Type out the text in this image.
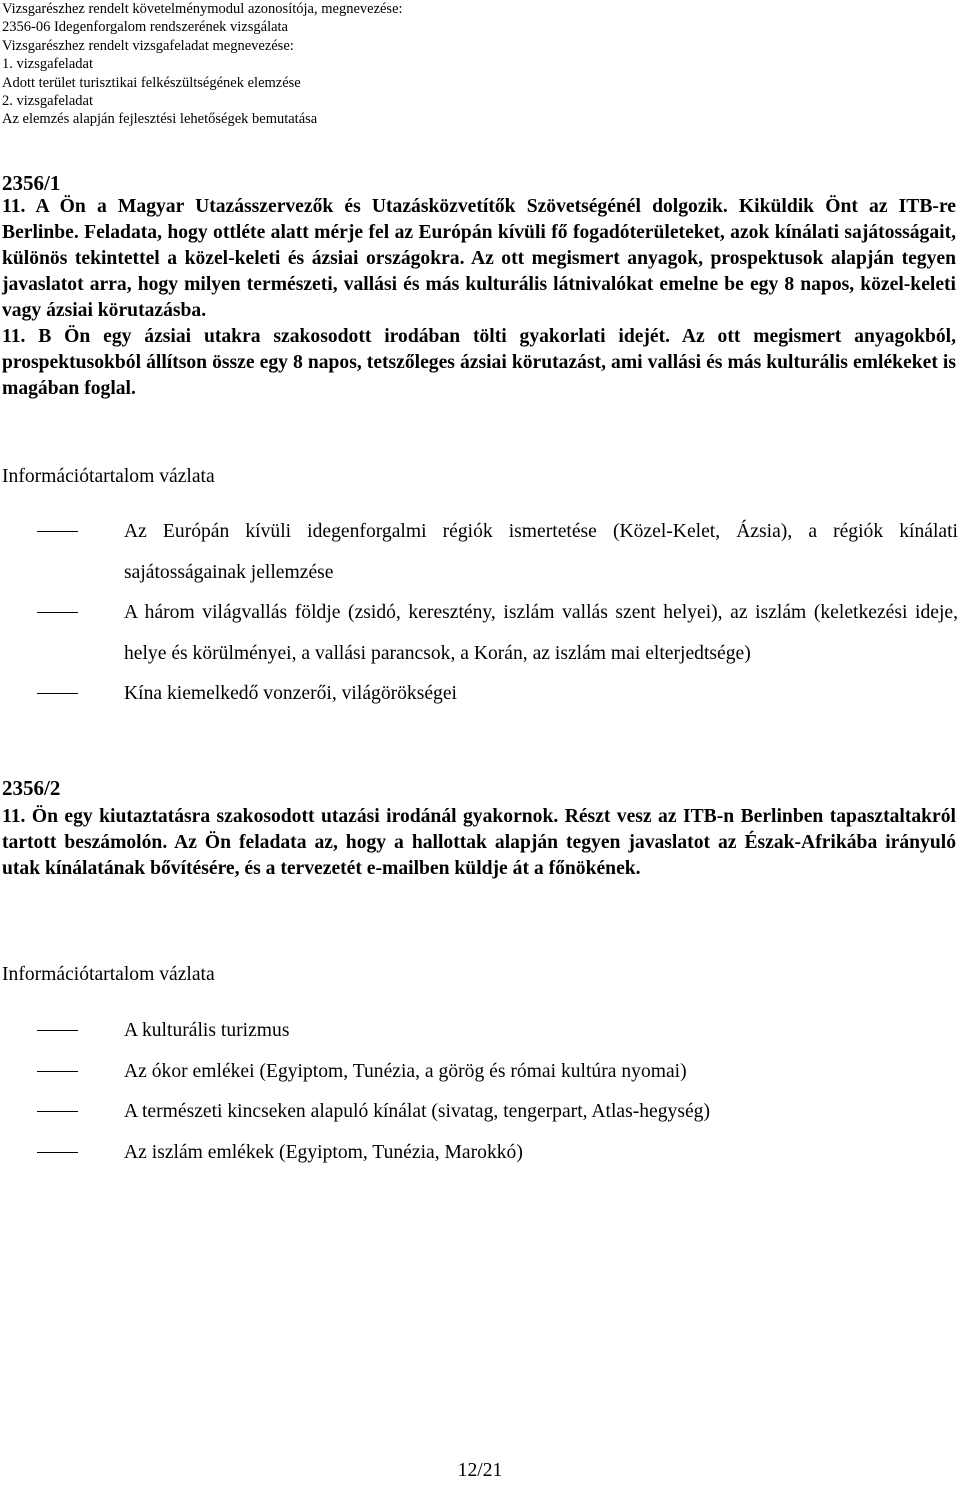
Vizsgarészhez rendelt követelménymodul azonosítója, megnevezése:
2356-06 Idegenforgalom rendszerének vizsgálata
Vizsgarészhez rendelt vizsgafeladat megnevezése:
1. vizsgafeladat
Adott terület turisztikai felkészültségének elemzése
2. vizsgafeladat
Az elemzés alapján fejlesztési lehetőségek bemutatása
2356/1

11. A Ön a Magyar Utazásszervezők és Utazásközvetítők Szövetségénél dolgozik. Kiküldik Önt az ITB-re Berlinbe. Feladata, hogy ottléte alatt mérje fel az Európán kívüli fő fogadóterületeket, azok kínálati sajátosságait, különös tekintettel a közel-keleti és ázsiai országokra. Az ott megismert anyagok, prospektusok alapján tegyen javaslatot arra, hogy milyen természeti, vallási és más kulturális látnivalókat emelne be egy 8 napos, közel-keleti vagy ázsiai körutazásba.

11. B Ön egy ázsiai utakra szakosodott irodában tölti gyakorlati idejét. Az ott megismert anyagokból, prospektusokból állítson össze egy 8 napos, tetszőleges ázsiai körutazást, ami vallási és más kulturális emlékeket is magában foglal.

Információtartalom vázlata
Az Európán kívüli idegenforgalmi régiók ismertetése (Közel-Kelet, Ázsia), a régiók kínálati sajátosságainak jellemzése
A három világvallás földje (zsidó, keresztény, iszlám vallás szent helyei), az iszlám (keletkezési ideje, helye és körülményei, a vallási parancsok, a Korán, az iszlám mai elterjedtsége)
Kína kiemelkedő vonzerői, világörökségei
2356/2

11. Ön egy kiutaztatásra szakosodott utazási irodánál gyakornok. Részt vesz az ITB-n Berlinben tapasztaltakról tartott beszámolón. Az Ön feladata az, hogy a hallottak alapján tegyen javaslatot az Észak-Afrikába irányuló utak kínálatának bővítésére, és a tervezetét e-mailben küldje át a főnökének.

Információtartalom vázlata
A kulturális turizmus
Az ókor emlékei (Egyiptom, Tunézia, a görög és római kultúra nyomai)
A természeti kincseken alapuló kínálat (sivatag, tengerpart, Atlas-hegység)
Az iszlám emlékek (Egyiptom, Tunézia, Marokkó)
12/21
